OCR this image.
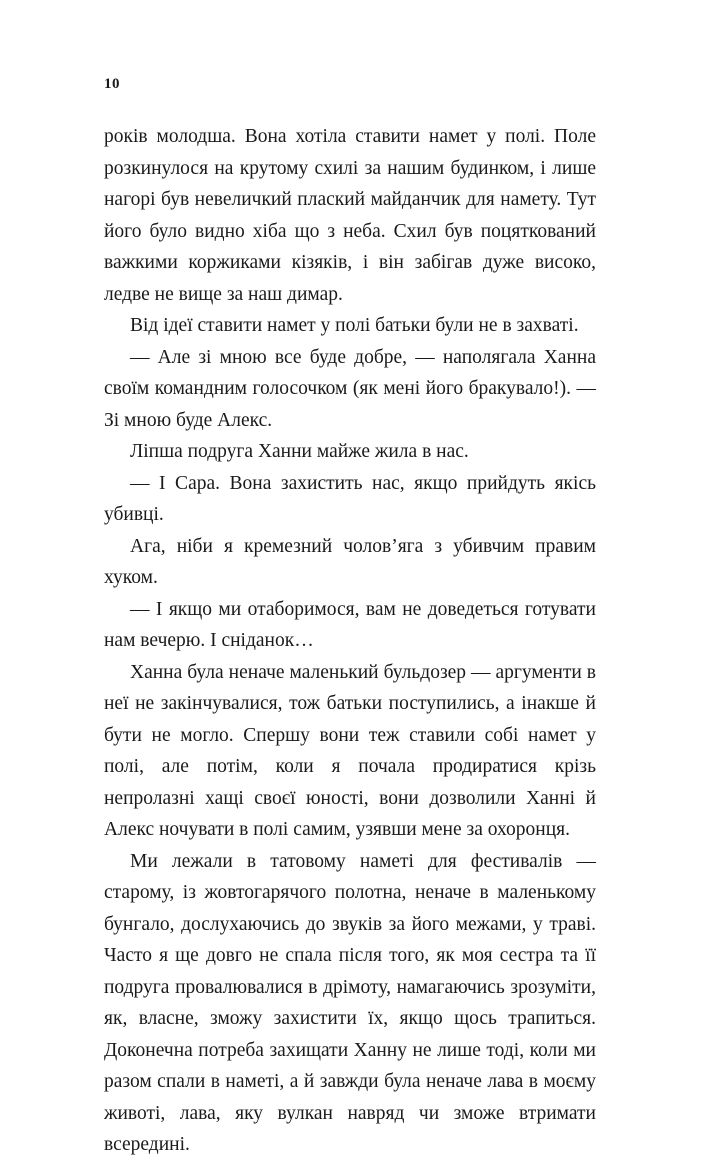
10

років молодша. Вона хотіла ставити намет у полі. Поле розкинулося на крутому схилі за нашим будинком, і лише нагорі був невеличкий плаский майданчик для намету. Тут його було видно хіба що з неба. Схил був поцяткований важкими коржиками кізяків, і він забігав дуже високо, ледве не вище за наш димар.

Від ідеї ставити намет у полі батьки були не в захваті.

— Але зі мною все буде добре, — наполягала Ханна своїм командним голосочком (як мені його бракувало!). — Зі мною буде Алекс.

Ліпша подруга Ханни майже жила в нас.

— І Сара. Вона захистить нас, якщо прийдуть якісь убивці.

Ага, ніби я кремезний чолов’яга з убивчим правим хуком.

— І якщо ми отаборимося, вам не доведеться готувати нам вечерю. І сніданок…

Ханна була неначе маленький бульдозер — аргументи в неї не закінчувалися, тож батьки поступились, а інакше й бути не могло. Спершу вони теж ставили собі намет у полі, але потім, коли я почала продиратися крізь непролазні хащі своєї юності, вони дозволили Ханні й Алекс ночувати в полі самим, узявши мене за охоронця.

Ми лежали в татовому наметі для фестивалів — старому, із жовтогарячого полотна, неначе в маленькому бунгало, дослухаючись до звуків за його межами, у траві. Часто я ще довго не спала після того, як моя сестра та її подруга провалювалися в дрімоту, намагаючись зрозуміти, як, власне, зможу захистити їх, якщо щось трапиться. Доконечна потреба захищати Ханну не лише тоді, коли ми разом спали в наметі, а й завжди була неначе лава в моєму животі, лава, яку вулкан навряд чи зможе втримати всередині.
